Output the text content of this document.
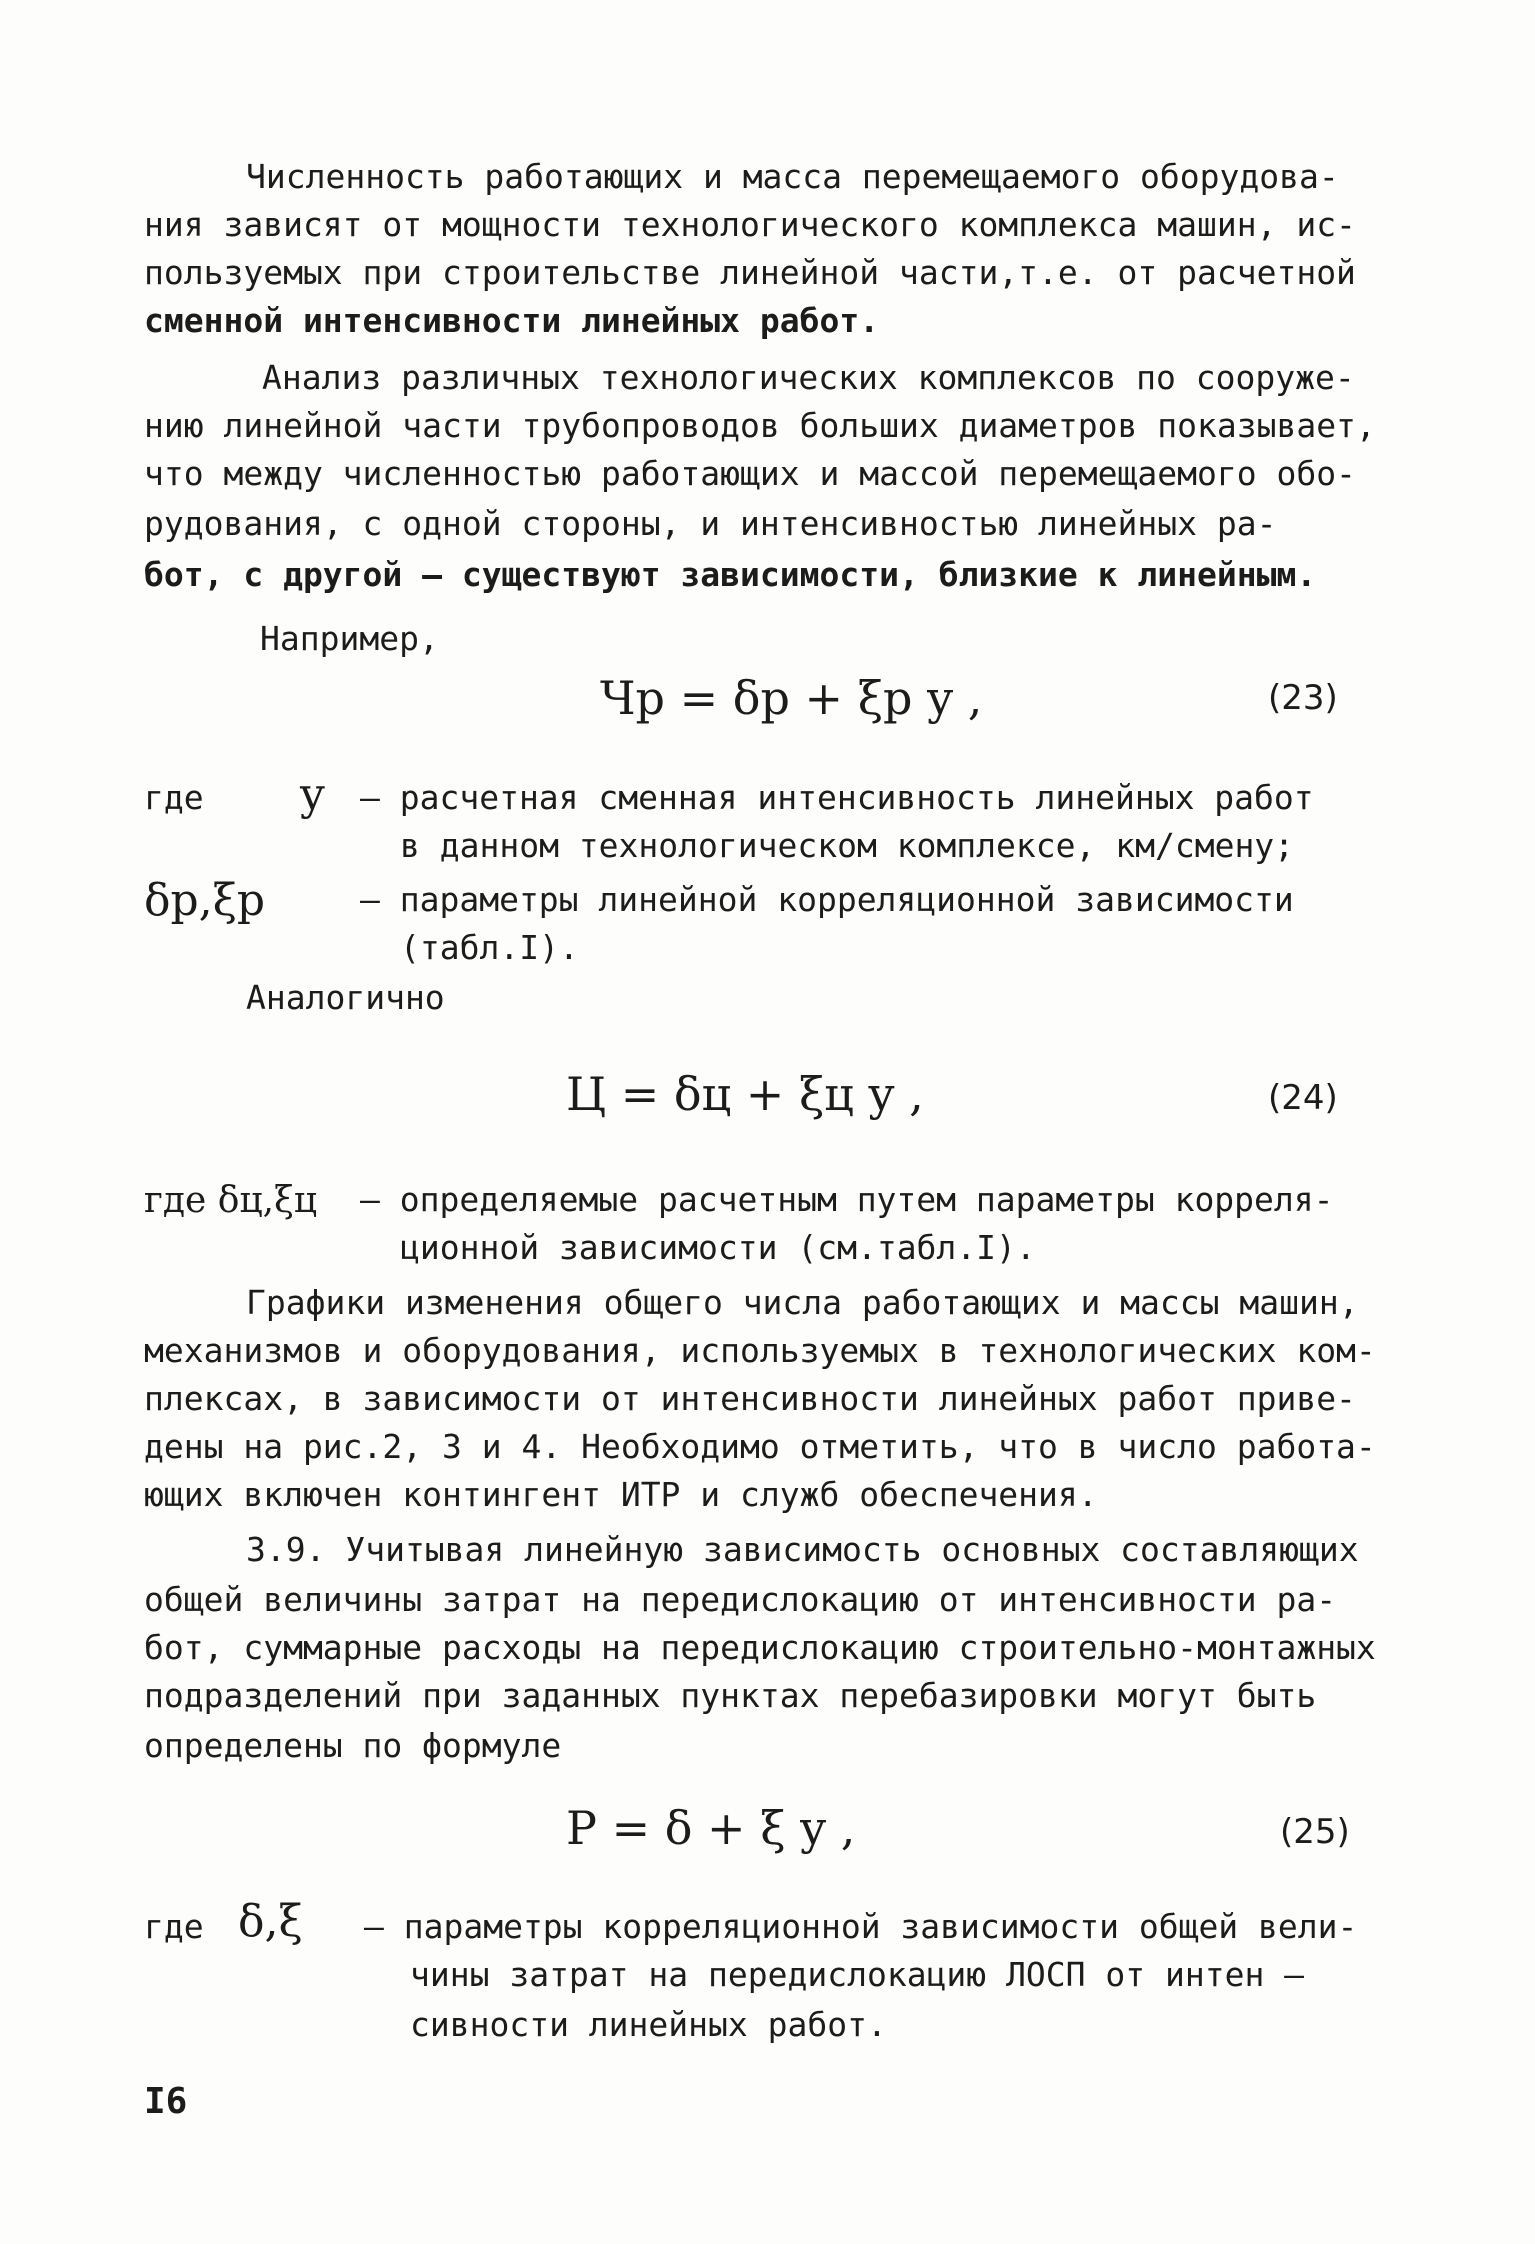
Численность работающих и масса перемещаемого оборудова-
ния зависят от мощности технологического комплекса машин, ис-
пользуемых при строительстве линейной части,т.е. от расчетной
сменной интенсивности линейных работ.
Анализ различных технологических комплексов по сооруже-
нию линейной части трубопроводов больших диаметров показывает,
что между численностью работающих и массой перемещаемого обо-
рудования, с одной стороны, и интенсивностью линейных ра-
бот, с другой – существуют зависимости, близкие к линейным.
Например,
Чр = δр + ξр y ,	(23)
где y – расчетная сменная интенсивность линейных работ
в данном технологическом комплексе, км/смену;
δр,ξр	– параметры линейной корреляционной зависимости
(табл.I).
Аналогично
Ц = δц + ξц y ,	(24)
где δц,ξц – определяемые расчетным путем параметры корреля-
ционной зависимости (см.табл.I).
Графики изменения общего числа работающих и массы машин,
механизмов и оборудования, используемых в технологических ком-
плексах, в зависимости от интенсивности линейных работ приве-
дены на рис.2, 3 и 4. Необходимо отметить, что в число работа-
ющих включен контингент ИТР и служб обеспечения.
3.9. Учитывая линейную зависимость основных составляющих
общей величины затрат на передислокацию от интенсивности ра-
бот, суммарные расходы на передислокацию строительно-монтажных
подразделений при заданных пунктах перебазировки могут быть
определены по формуле
Р = δ + ξ y ,	(25)
где δ,ξ – параметры корреляционной зависимости общей вели-
чины затрат на передислокацию ЛОСП от интен –
сивности линейных работ.
I6
